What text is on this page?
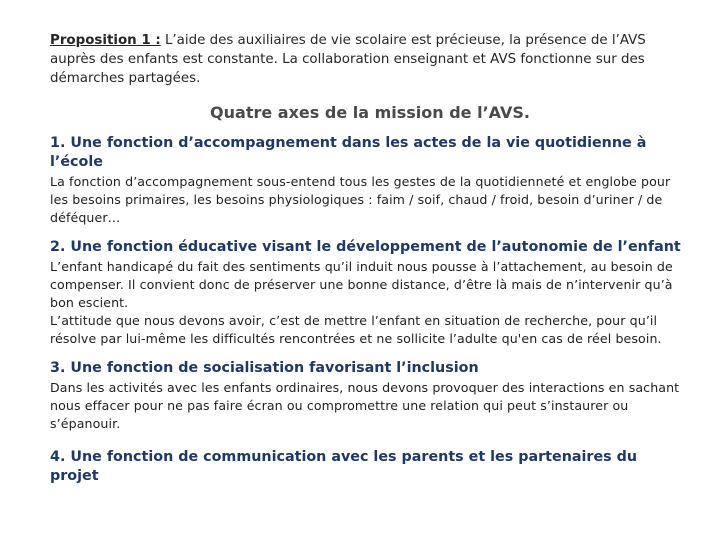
Proposition 1 : L’aide des auxiliaires de vie scolaire est précieuse, la présence de l’AVS auprès des enfants est constante. La collaboration enseignant et AVS fonctionne sur des démarches partagées.

Quatre axes de la mission de l’AVS.
1. Une fonction d’accompagnement dans les actes de la vie quotidienne à l’école

La fonction d’accompagnement sous-entend tous les gestes de la quotidienneté et englobe pour les besoins primaires, les besoins physiologiques : faim / soif, chaud / froid, besoin d’uriner / de déféquer…

2. Une fonction éducative visant le développement de l’autonomie de l’enfant

L’enfant handicapé du fait des sentiments qu’il induit nous pousse à l’attachement, au besoin de compenser. Il convient donc de préserver une bonne distance, d’être là mais de n’intervenir qu’à bon escient.

L’attitude que nous devons avoir, c’est de mettre l’enfant en situation de recherche, pour qu’il résolve par lui-même les difficultés rencontrées et ne sollicite l’adulte qu'en cas de réel besoin.

3. Une fonction de socialisation favorisant l’inclusion

Dans les activités avec les enfants ordinaires, nous devons provoquer des interactions en sachant nous effacer pour ne pas faire écran ou compromettre une relation qui peut s’instaurer ou s’épanouir.

4. Une fonction de communication avec les parents et les partenaires du projet
